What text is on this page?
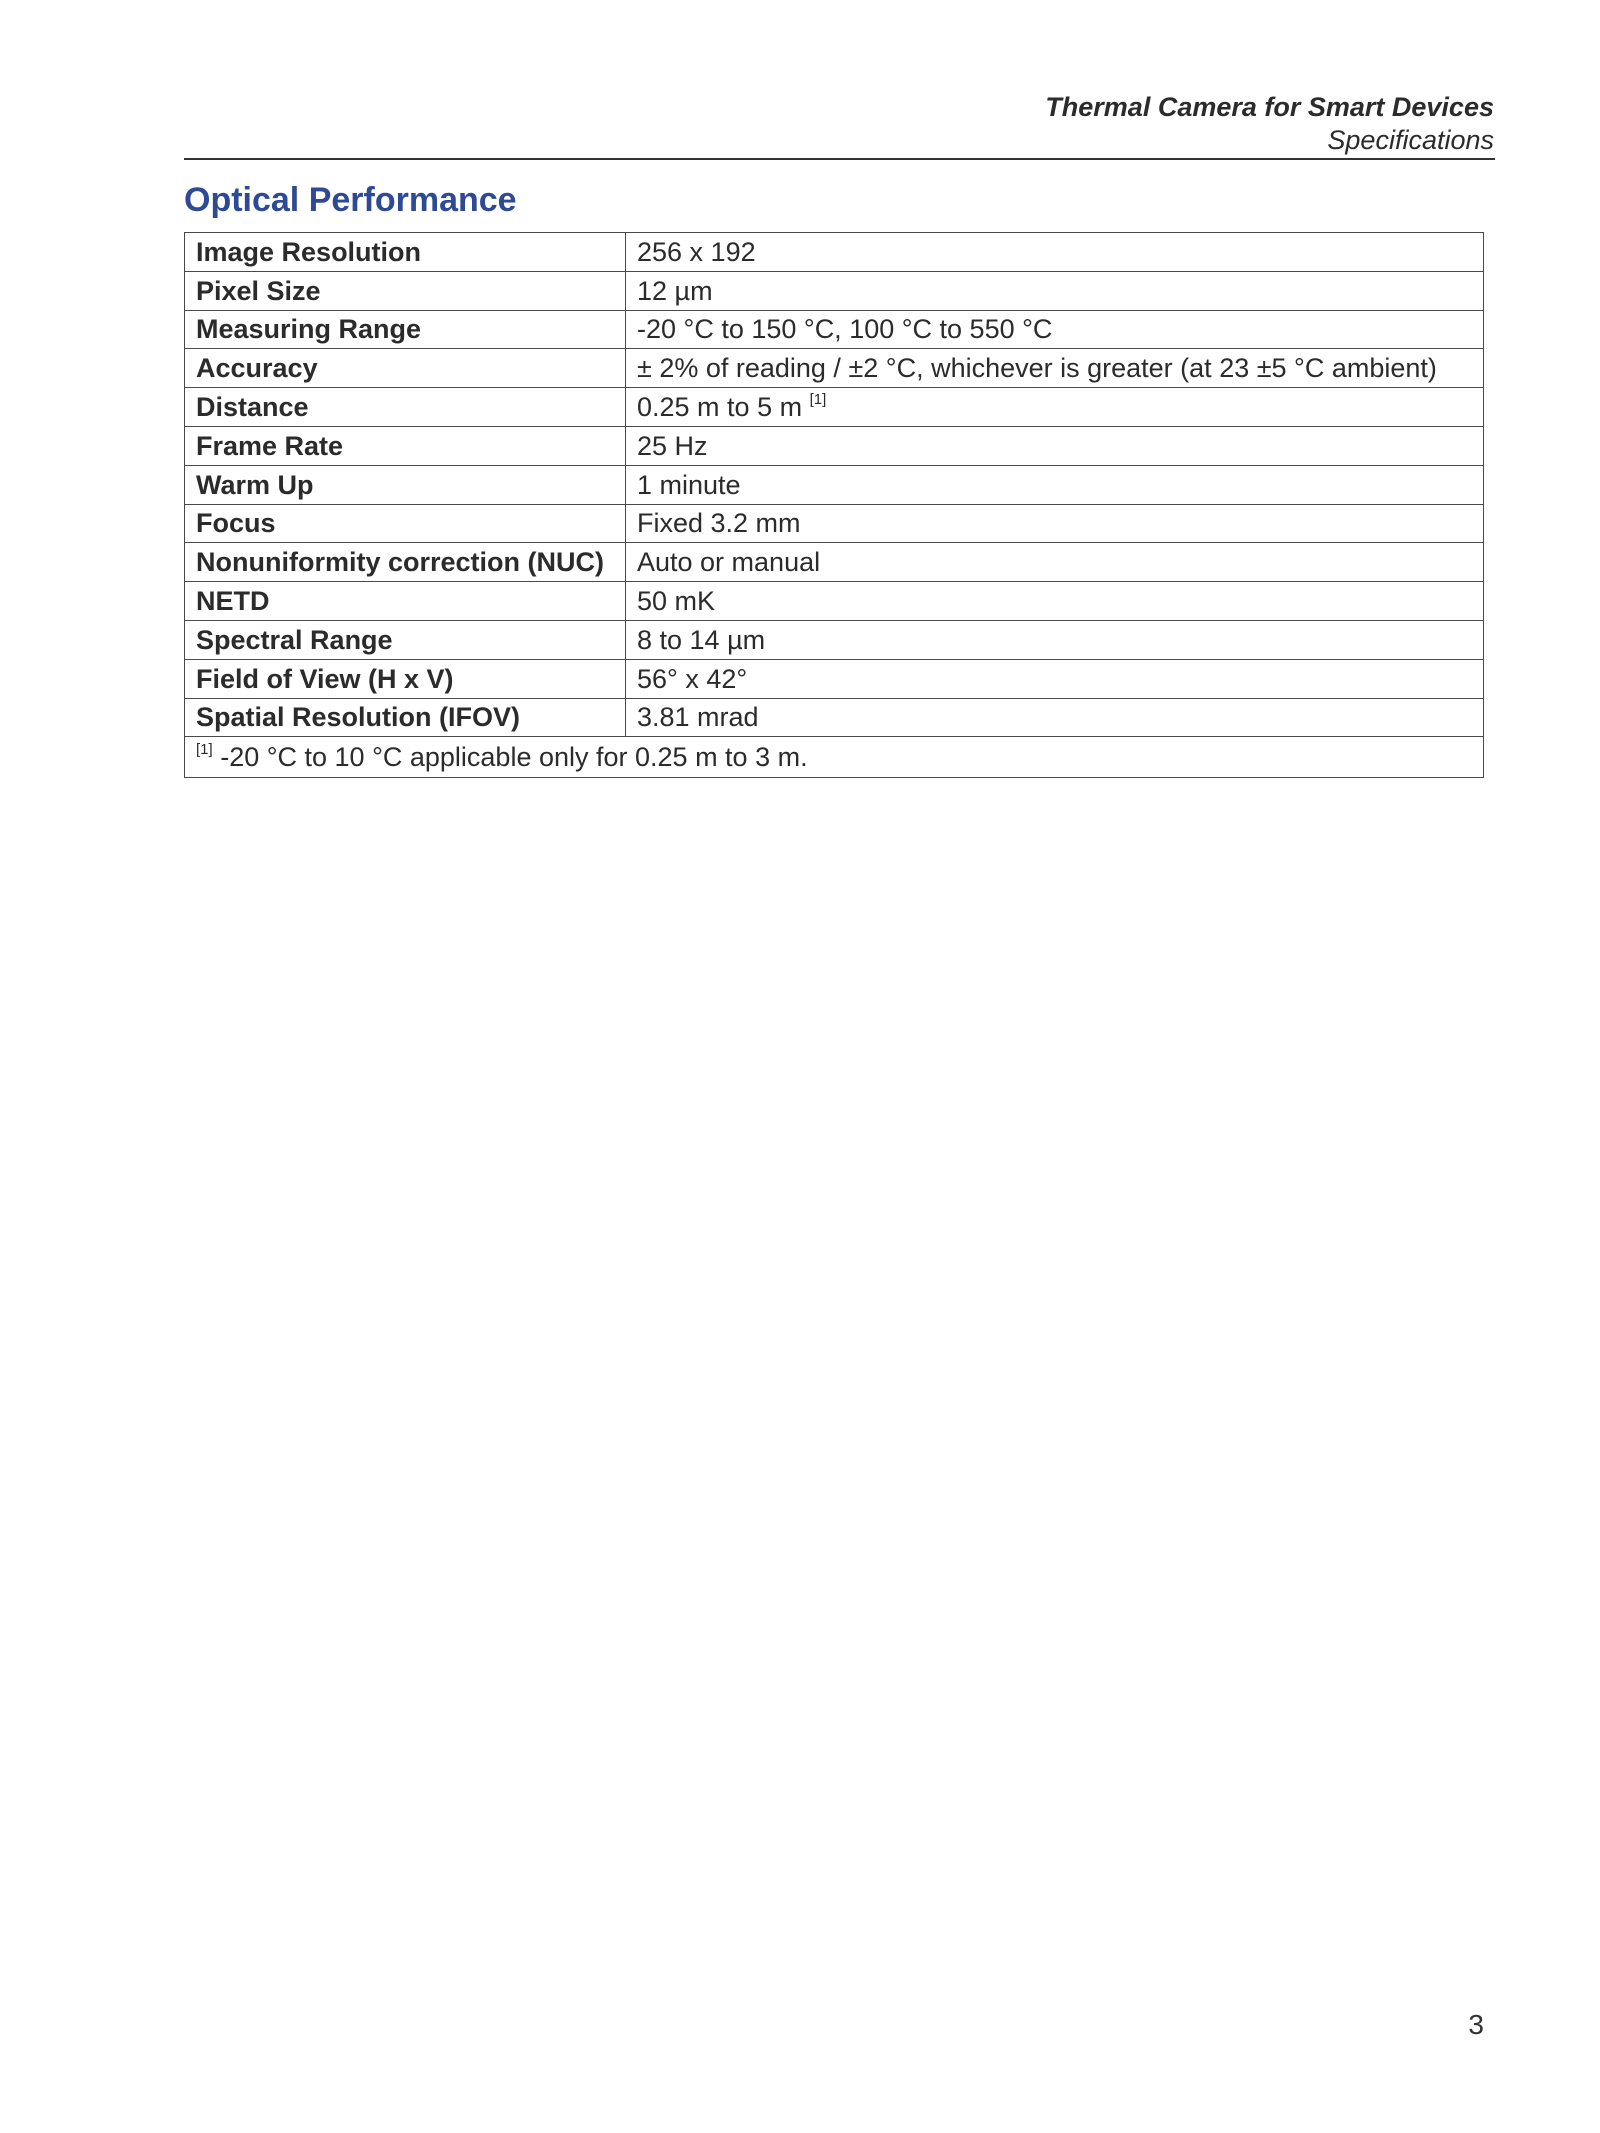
Thermal Camera for Smart Devices
Specifications
Optical Performance
Image Resolution	256 x 192
Pixel Size	12 µm
Measuring Range	-20 °C to 150 °C, 100 °C to 550 °C
Accuracy	± 2% of reading / ±2 °C, whichever is greater (at 23 ±5 °C ambient)
Distance	0.25 m to 5 m [1]
Frame Rate	25 Hz
Warm Up	1 minute
Focus	Fixed 3.2 mm
Nonuniformity correction (NUC)	Auto or manual
NETD	50 mK
Spectral Range	8 to 14 µm
Field of View (H x V)	56° x 42°
Spatial Resolution (IFOV)	3.81 mrad
[1] -20 °C to 10 °C applicable only for 0.25 m to 3 m.	
3
